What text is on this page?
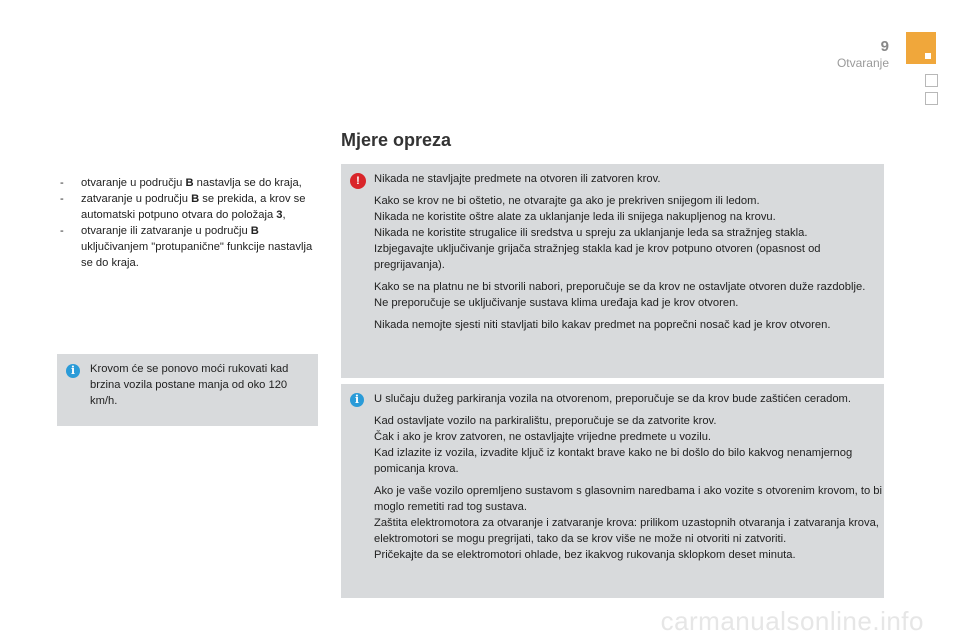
9
Otvaranje
- otvaranje u području B nastavlja se do kraja,
- zatvaranje u području B se prekida, a krov se automatski potpuno otvara do položaja 3,
- otvaranje ili zatvaranje u području B uključivanjem "protupanične" funkcije nastavlja se do kraja.
i	Krovom će se ponovo moći rukovati kad brzina vozila postane manja od oko 120 km/h.

Mjere opreza
!	Nikada ne stavljajte predmete na otvoren ili zatvoren krov.

Kako se krov ne bi oštetio, ne otvarajte ga ako je prekriven snijegom ili ledom.
Nikada ne koristite oštre alate za uklanjanje leda ili snijega nakupljenog na krovu.
Nikada ne koristite strugalice ili sredstva u spreju za uklanjanje leda sa stražnjeg stakla.
Izbjegavajte uključivanje grijača stražnjeg stakla kad je krov potpuno otvoren (opasnost od pregrijavanja).

Kako se na platnu ne bi stvorili nabori, preporučuje se da krov ne ostavljate otvoren duže razdoblje.
Ne preporučuje se uključivanje sustava klima uređaja kad je krov otvoren.

Nikada nemojte sjesti niti stavljati bilo kakav predmet na poprečni nosač kad je krov otvoren.

i	U slučaju dužeg parkiranja vozila na otvorenom, preporučuje se da krov bude zaštićen ceradom.

Kad ostavljate vozilo na parkiralištu, preporučuje se da zatvorite krov.
Čak i ako je krov zatvoren, ne ostavljajte vrijedne predmete u vozilu.
Kad izlazite iz vozila, izvadite ključ iz kontakt brave kako ne bi došlo do bilo kakvog nenamjernog pomicanja krova.

Ako je vaše vozilo opremljeno sustavom s glasovnim naredbama i ako vozite s otvorenim krovom, to bi moglo remetiti rad tog sustava.
Zaštita elektromotora za otvaranje i zatvaranje krova: prilikom uzastopnih otvaranja i zatvaranja krova, elektromotori se mogu pregrijati, tako da se krov više ne može ni otvoriti ni zatvoriti.
Pričekajte da se elektromotori ohlade, bez ikakvog rukovanja sklopkom deset minuta.

carmanualsonline.info
